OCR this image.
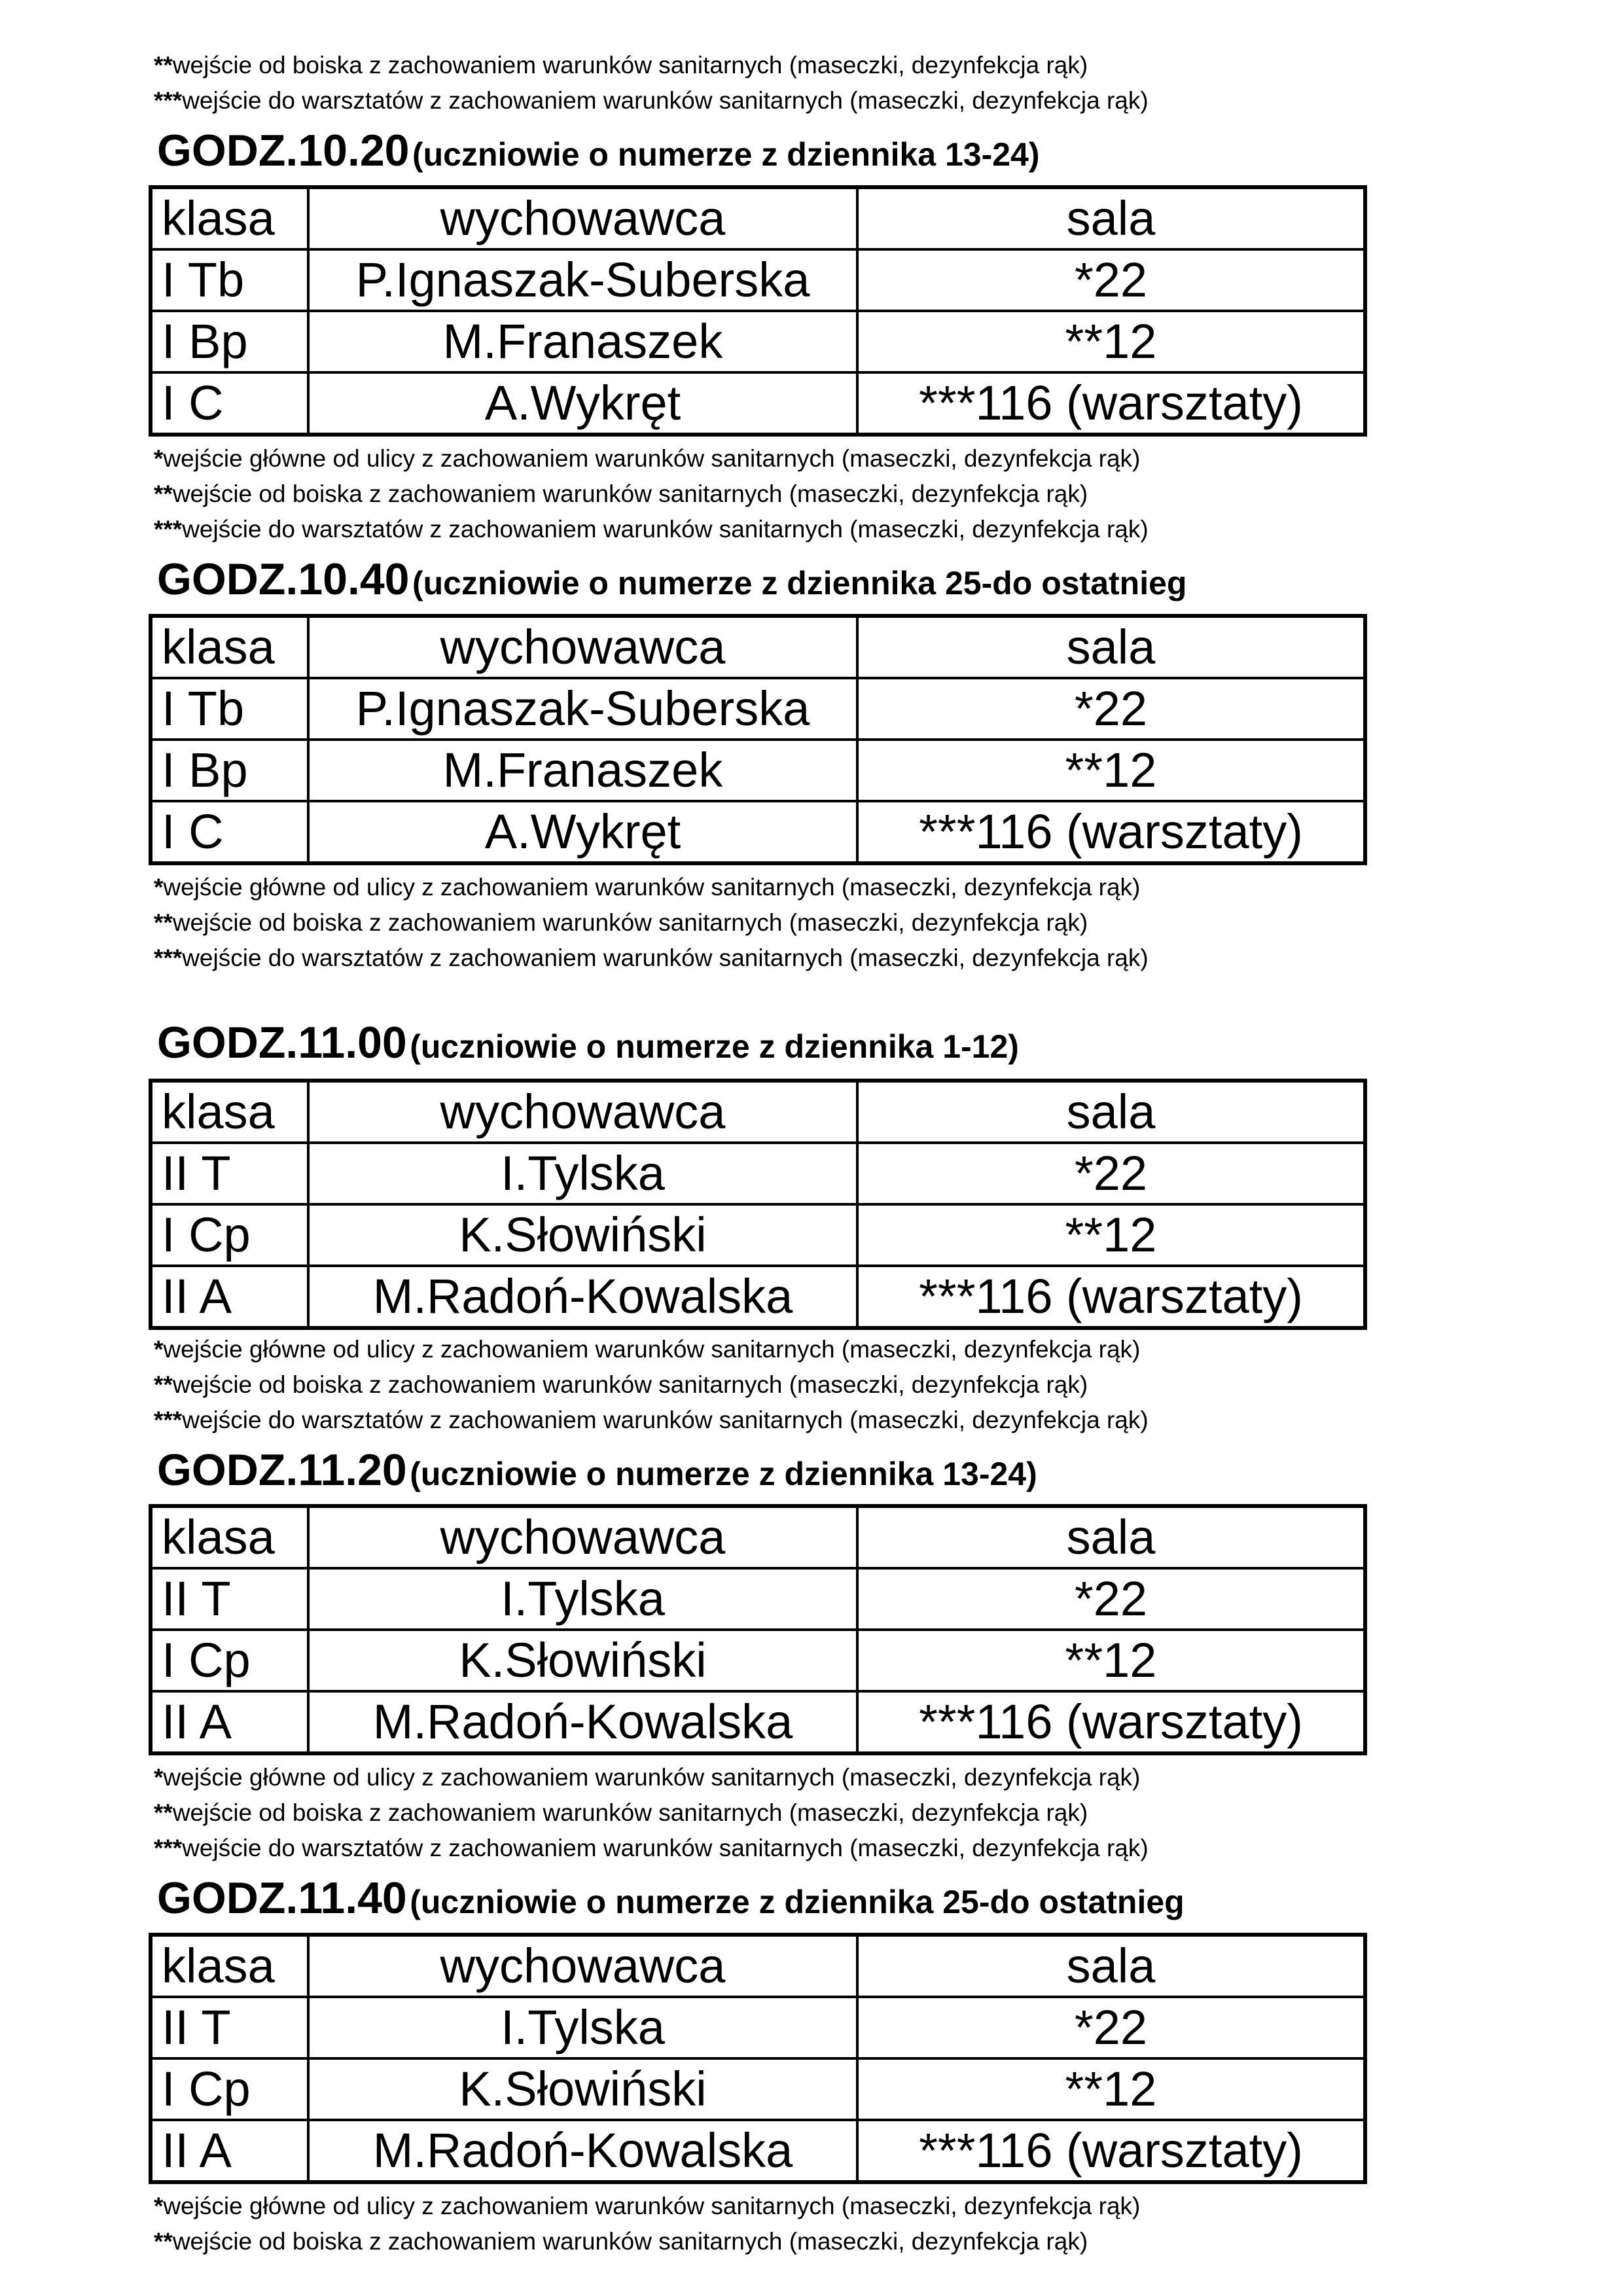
**wejście od boiska z zachowaniem warunków sanitarnych (maseczki, dezynfekcja rąk)
***wejście do warsztatów z zachowaniem warunków sanitarnych (maseczki, dezynfekcja rąk)
GODZ.10.20 (uczniowie o numerze z dziennika 13-24)
klasa	wychowawca	sala
I Tb	P.Ignaszak-Suberska	*22
I Bp	M.Franaszek	**12
I C	A.Wykręt	***116 (warsztaty)
*wejście główne od ulicy z zachowaniem warunków sanitarnych (maseczki, dezynfekcja rąk)
**wejście od boiska z zachowaniem warunków sanitarnych (maseczki, dezynfekcja rąk)
***wejście do warsztatów z zachowaniem warunków sanitarnych (maseczki, dezynfekcja rąk)
GODZ.10.40 (uczniowie o numerze z dziennika 25-do ostatnieg
klasa	wychowawca	sala
I Tb	P.Ignaszak-Suberska	*22
I Bp	M.Franaszek	**12
I C	A.Wykręt	***116 (warsztaty)
*wejście główne od ulicy z zachowaniem warunków sanitarnych (maseczki, dezynfekcja rąk)
**wejście od boiska z zachowaniem warunków sanitarnych (maseczki, dezynfekcja rąk)
***wejście do warsztatów z zachowaniem warunków sanitarnych (maseczki, dezynfekcja rąk)
GODZ.11.00 (uczniowie o numerze z dziennika 1-12)
klasa	wychowawca	sala
II T	I.Tylska	*22
I Cp	K.Słowiński	**12
II A	M.Radoń-Kowalska	***116 (warsztaty)
*wejście główne od ulicy z zachowaniem warunków sanitarnych (maseczki, dezynfekcja rąk)
**wejście od boiska z zachowaniem warunków sanitarnych (maseczki, dezynfekcja rąk)
***wejście do warsztatów z zachowaniem warunków sanitarnych (maseczki, dezynfekcja rąk)
GODZ.11.20 (uczniowie o numerze z dziennika 13-24)
klasa	wychowawca	sala
II T	I.Tylska	*22
I Cp	K.Słowiński	**12
II A	M.Radoń-Kowalska	***116 (warsztaty)
*wejście główne od ulicy z zachowaniem warunków sanitarnych (maseczki, dezynfekcja rąk)
**wejście od boiska z zachowaniem warunków sanitarnych (maseczki, dezynfekcja rąk)
***wejście do warsztatów z zachowaniem warunków sanitarnych (maseczki, dezynfekcja rąk)
GODZ.11.40 (uczniowie o numerze z dziennika 25-do ostatnieg
klasa	wychowawca	sala
II T	I.Tylska	*22
I Cp	K.Słowiński	**12
II A	M.Radoń-Kowalska	***116 (warsztaty)
*wejście główne od ulicy z zachowaniem warunków sanitarnych (maseczki, dezynfekcja rąk)
**wejście od boiska z zachowaniem warunków sanitarnych (maseczki, dezynfekcja rąk)
